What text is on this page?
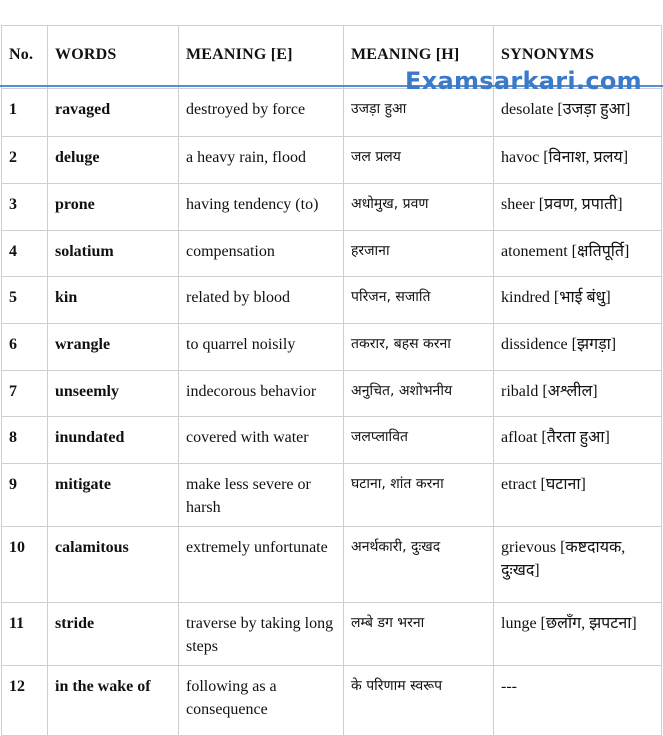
No.	WORDS	MEANING [E]	MEANING [H]	SYNONYMS
1	ravaged	destroyed by force	उजड़ा हुआ	desolate [उजड़ा हुआ]
2	deluge	a heavy rain, flood	जल प्रलय	havoc [विनाश, प्रलय]
3	prone	having tendency (to)	अधोमुख, प्रवण	sheer [प्रवण, प्रपाती]
4	solatium	compensation	हरजाना	atonement [क्षतिपूर्ति]
5	kin	related by blood	परिजन, सजाति	kindred [भाई बंधु]
6	wrangle	to quarrel noisily	तकरार, बहस करना	dissidence [झगड़ा]
7	unseemly	indecorous behavior	अनुचित, अशोभनीय	ribald [अश्लील]
8	inundated	covered with water	जलप्लावित	afloat [तैरता हुआ]
9	mitigate	make less severe or harsh	घटाना, शांत करना	etract [घटाना]
10	calamitous	extremely unfortunate	अनर्थकारी, दुःखद	grievous [कष्टदायक, दुःखद]
11	stride	traverse by taking long steps	लम्बे डग भरना	lunge [छलाँग, झपटना]
12	in the wake of	following as a consequence	के परिणाम स्वरूप	---
Examsarkari.com
